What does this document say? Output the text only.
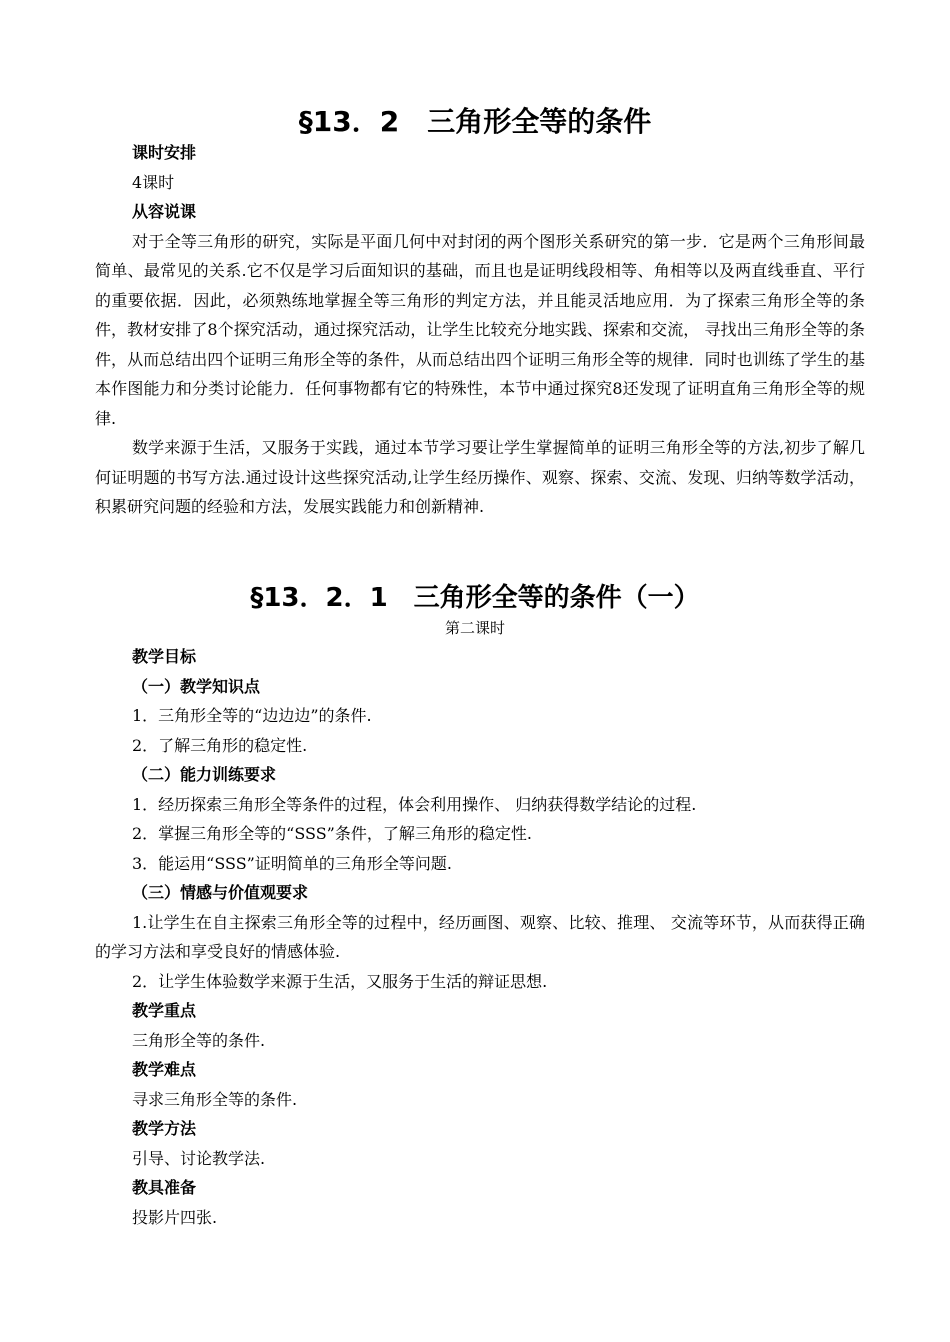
§13．2　三角形全等的条件

课时安排

4课时

从容说课

对于全等三角形的研究，实际是平面几何中对封闭的两个图形关系研究的第一步．它是两个三角形间最简单、最常见的关系.它不仅是学习后面知识的基础，而且也是证明线段相等、角相等以及两直线垂直、平行的重要依据．因此，必须熟练地掌握全等三角形的判定方法，并且能灵活地应用．为了探索三角形全等的条件，教材安排了8个探究活动，通过探究活动，让学生比较充分地实践、探索和交流， 寻找出三角形全等的条件，从而总结出四个证明三角形全等的条件，从而总结出四个证明三角形全等的规律．同时也训练了学生的基本作图能力和分类讨论能力．任何事物都有它的特殊性，本节中通过探究8还发现了证明直角三角形全等的规律.

数学来源于生活，又服务于实践，通过本节学习要让学生掌握简单的证明三角形全等的方法,初步了解几何证明题的书写方法.通过设计这些探究活动,让学生经历操作、观察、探索、交流、发现、归纳等数学活动，积累研究问题的经验和方法，发展实践能力和创新精神.

§13．2．1　三角形全等的条件（一）
第二课时

教学目标

（一）教学知识点

1．三角形全等的“边边边”的条件.

2．了解三角形的稳定性.

（二）能力训练要求

1．经历探索三角形全等条件的过程，体会利用操作、 归纳获得数学结论的过程.

2．掌握三角形全等的“SSS”条件，了解三角形的稳定性.

3．能运用“SSS”证明简单的三角形全等问题.

（三）情感与价值观要求

1.让学生在自主探索三角形全等的过程中，经历画图、观察、比较、推理、 交流等环节，从而获得正确的学习方法和享受良好的情感体验.

2．让学生体验数学来源于生活，又服务于生活的辩证思想.

教学重点

三角形全等的条件.

教学难点

寻求三角形全等的条件.

教学方法

引导、讨论教学法.

教具准备

投影片四张.
